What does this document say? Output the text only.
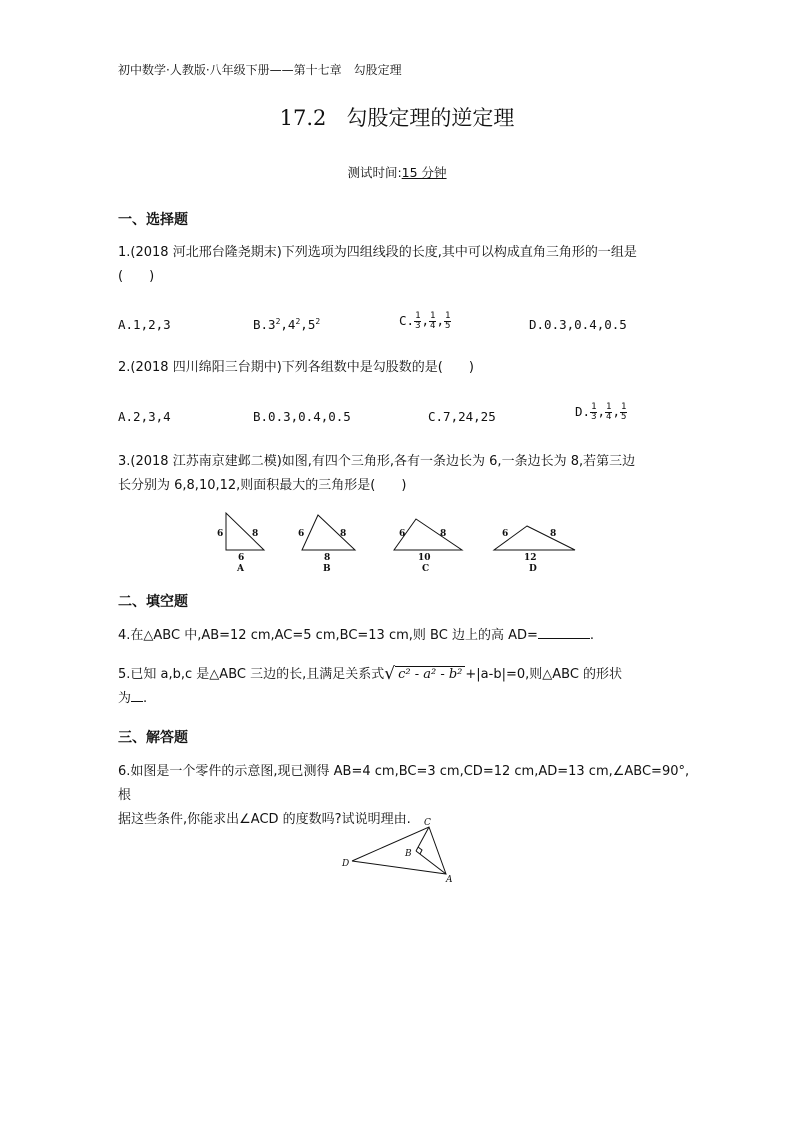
初中数学·人教版·八年级下册——第十七章　勾股定理
17.2 勾股定理的逆定理
测试时间:15 分钟
一、选择题
1.(2018 河北邢台隆尧期末)下列选项为四组线段的长度,其中可以构成直角三角形的一组是
(　　)
A.1,2,3	$B.3^2,4^2,5^2$	C. $\frac{1}{3}$ , $\frac{1}{4}$ , $\frac{1}{5}$	D.0.3,0.4,0.5
2.(2018 四川绵阳三台期中)下列各组数中是勾股数的是(　　)
A.2,3,4	B.0.3,0.4,0.5	C.7,24,25	D. $\frac{1}{3}$ , $\frac{1}{4}$ , $\frac{1}{5}$
3.(2018 江苏南京建邺二模)如图,有四个三角形,各有一条边长为 6,一条边长为 8,若第三边
长分别为 6,8,10,12,则面积最大的三角形是(　　)
6	8
6
A
6	8
8
B
6	8
10
C
6	8
12
D
二、填空题
4.在△ABC 中,AB=12 cm,AC=5 cm,BC=13 cm,则 BC 边上的高 AD=	.
5.已知 a,b,c 是△ABC 三边的长,且满足关系式√ c² - a² - b² +|a-b|=0,则△ABC 的形状
为 .
三、解答题
6.如图是一个零件的示意图,现已测得 AB=4 cm,BC=3 cm,CD=12 cm,AD=13 cm,∠ABC=90°,根
据这些条件,你能求出∠ACD 的度数吗?试说明理由.	C
B
D
A
